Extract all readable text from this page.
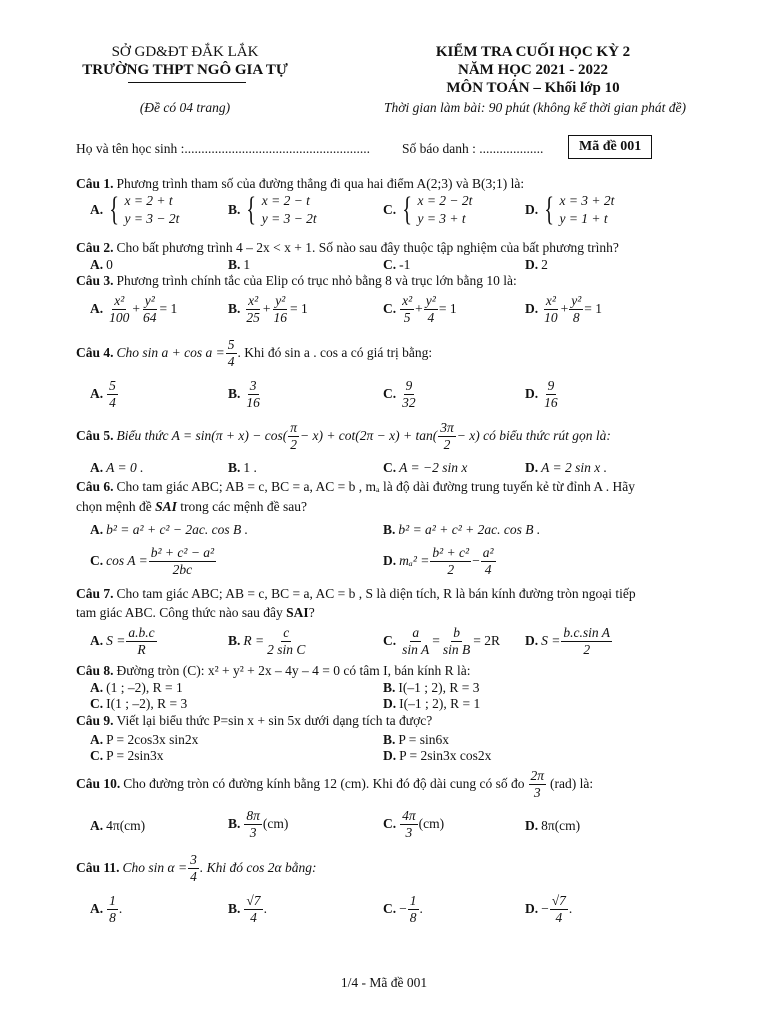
SỞ GD&ĐT ĐẮK LẮK
TRƯỜNG THPT NGÔ GIA TỰ
(Đề có 04 trang)
KIỂM TRA CUỐI HỌC KỲ 2
NĂM HỌC 2021 - 2022
MÔN TOÁN – Khối lớp 10
Thời gian làm bài: 90 phút (không kể thời gian phát đề)
Họ và tên học sinh :....................................................... Số báo danh : ...................	Mã đề 001
Câu 1. Phương trình tham số của đường thẳng đi qua hai điểm A(2;3) và B(3;1) là:
A. { x = 2 + t
y = 3 − 2t
B. { x = 2 − t
y = 3 − 2t
C. { x = 2 − 2t
y = 3 + t
D. { x = 3 + 2t
y = 1 + t
Câu 2. Cho bất phương trình 4 – 2x < x + 1. Số nào sau đây thuộc tập nghiệm của bất phương trình?
A. 0	B. 1	C. -1	D. 2
Câu 3. Phương trình chính tắc của Elip có trục nhỏ bằng 8 và trục lớn bằng 10 là:
A. $\frac{\text{x²}}{100} + \frac{\text{y²}}{64} = 1$	B. $\frac{\text{x²}}{25} + \frac{\text{y²}}{16} = 1$	C. $\frac{\text{x²}}{5} + \frac{\text{y²}}{4} = 1$	D. $\frac{\text{x²}}{10} + \frac{\text{y²}}{8} = 1$
Câu 4. Cho $\sin a + \cos a = \frac{5}{4}$ . Khi đó sin a . cos a có giá trị bằng:
A. $\frac{5}{4}$	B. $\frac{3}{16}$	C. $\frac{9}{32}$	D. $\frac{9}{16}$
Câu 5. Biểu thức $A = \sin(\pi + x) - \cos( \frac{\pi}{2} - x) + \cot(2\pi - x) + \tan( \frac{3\pi}{2} - x)$ có biểu thức rút gọn là:
A. A = 0 .	B. 1 .	C. A = −2 sin x	D. A = 2 sin x .
Câu 6. Cho tam giác ABC; AB = c, BC = a, AC = b , mₐ là độ dài đường trung tuyến kẻ từ đỉnh A . Hãy
chọn mệnh đề SAI trong các mệnh đề sau?
A. b² = a² + c² − 2ac. cos B .	B. b² = a² + c² + 2ac. cos B .
C. $\cos A = \frac{\text{b² + c² − a²}}{2bc}$	D. $m_a^2 = \frac{\text{b² + c²}}{2} - \frac{\text{a²}}{4}$
Câu 7. Cho tam giác ABC; AB = c, BC = a, AC = b , S là diện tích, R là bán kính đường tròn ngoại tiếp
tam giác ABC. Công thức nào sau đây SAI?
A. $S = \frac{a.b.c}{R}$	B. $R = \frac{c}{\text{2 sin C}}$	C. $\frac{a}{\text{sin A}} = \frac{b}{\text{sin B}} = 2R$ D. $S = \frac{\text{b.c.sin A}}{2}$
Câu 8. Đường tròn (C): x² + y² + 2x – 4y – 4 = 0 có tâm I, bán kính R là:
A. (1 ; –2), R = 1	B. I(–1 ; 2), R = 3
C. I(1 ; –2), R = 3	D. I(–1 ; 2), R = 1
Câu 9. Viết lại biểu thức P=sin x + sin 5x dưới dạng tích ta được?
A. P = 2cos3x sin2x	B. P = sin6x
C. P = 2sin3x	D. P = 2sin3x cos2x
Câu 10. Cho đường tròn có đường kính bằng 12 (cm). Khi đó độ dài cung có số đo $\frac{2\pi}{3} (rad)$ là:
A. 4π(cm)	B. $\frac{8\pi}{3} (cm)$	C. $\frac{4\pi}{3} (cm)$	D. 8π(cm)
Câu 11. Cho $\sin \alpha = \frac{3}{4}$ . Khi đó cos 2α bằng:
A. $\frac{1}{8}$ .	B. $\frac{√7}{4}$ .	C. − $\frac{1}{8}$ .	D. − $\frac{√7}{4}$ .
1/4 - Mã đề 001
